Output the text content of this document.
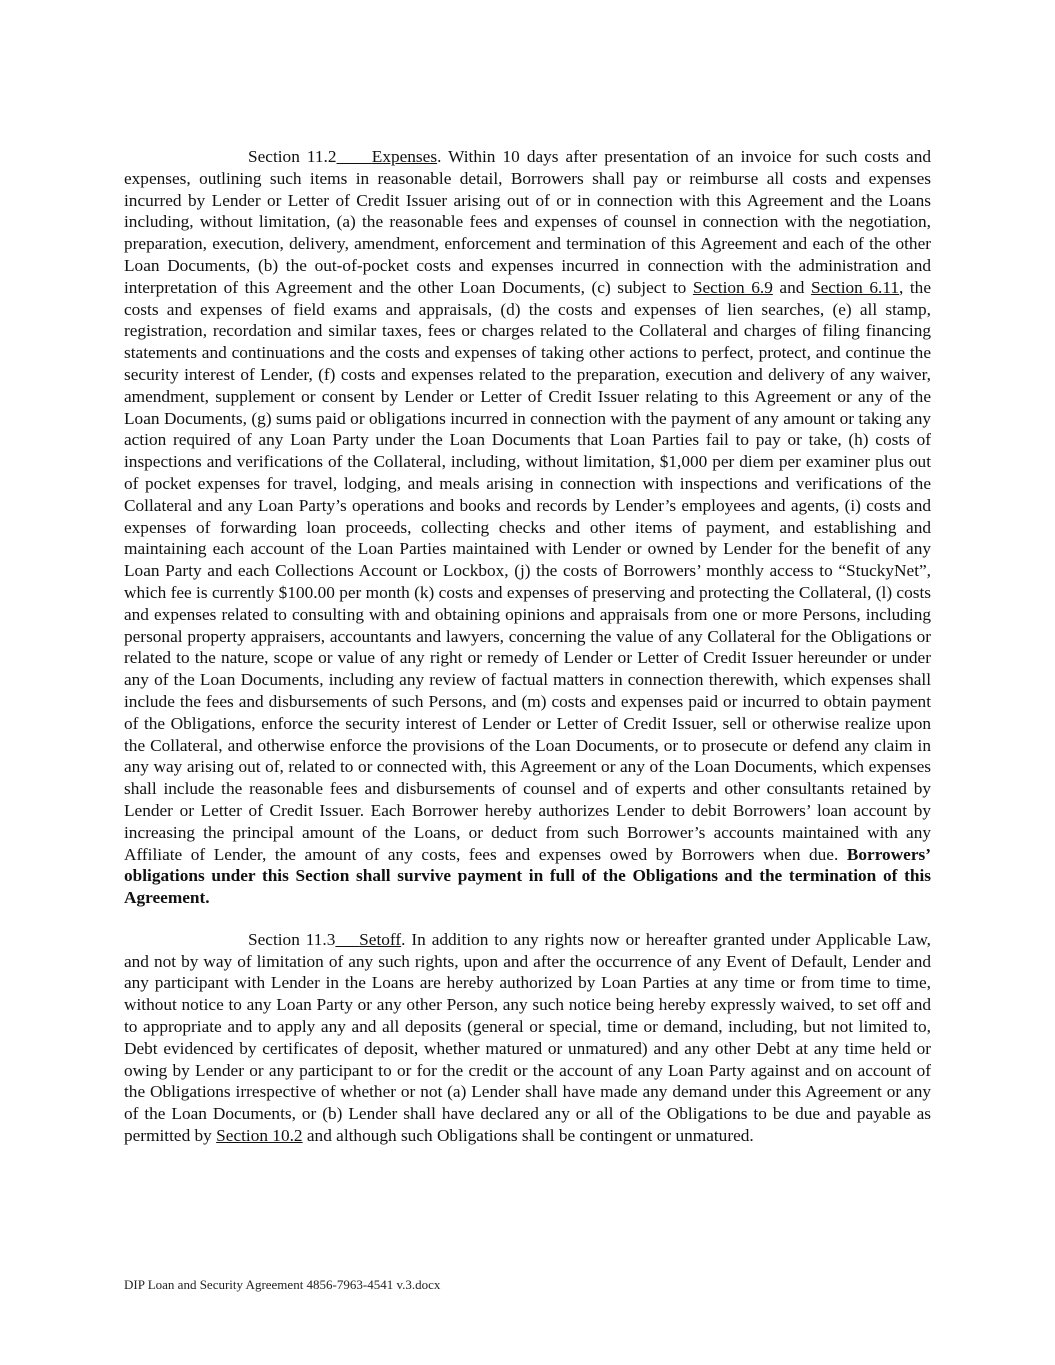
Section 11.2 Expenses. Within 10 days after presentation of an invoice for such costs and expenses, outlining such items in reasonable detail, Borrowers shall pay or reimburse all costs and expenses incurred by Lender or Letter of Credit Issuer arising out of or in connection with this Agreement and the Loans including, without limitation, (a) the reasonable fees and expenses of counsel in connection with the negotiation, preparation, execution, delivery, amendment, enforcement and termination of this Agreement and each of the other Loan Documents, (b) the out-of-pocket costs and expenses incurred in connection with the administration and interpretation of this Agreement and the other Loan Documents, (c) subject to Section 6.9 and Section 6.11, the costs and expenses of field exams and appraisals, (d) the costs and expenses of lien searches, (e) all stamp, registration, recordation and similar taxes, fees or charges related to the Collateral and charges of filing financing statements and continuations and the costs and expenses of taking other actions to perfect, protect, and continue the security interest of Lender, (f) costs and expenses related to the preparation, execution and delivery of any waiver, amendment, supplement or consent by Lender or Letter of Credit Issuer relating to this Agreement or any of the Loan Documents, (g) sums paid or obligations incurred in connection with the payment of any amount or taking any action required of any Loan Party under the Loan Documents that Loan Parties fail to pay or take, (h) costs of inspections and verifications of the Collateral, including, without limitation, $1,000 per diem per examiner plus out of pocket expenses for travel, lodging, and meals arising in connection with inspections and verifications of the Collateral and any Loan Party’s operations and books and records by Lender’s employees and agents, (i) costs and expenses of forwarding loan proceeds, collecting checks and other items of payment, and establishing and maintaining each account of the Loan Parties maintained with Lender or owned by Lender for the benefit of any Loan Party and each Collections Account or Lockbox, (j) the costs of Borrowers’ monthly access to “StuckyNet”, which fee is currently $100.00 per month (k) costs and expenses of preserving and protecting the Collateral, (l) costs and expenses related to consulting with and obtaining opinions and appraisals from one or more Persons, including personal property appraisers, accountants and lawyers, concerning the value of any Collateral for the Obligations or related to the nature, scope or value of any right or remedy of Lender or Letter of Credit Issuer hereunder or under any of the Loan Documents, including any review of factual matters in connection therewith, which expenses shall include the fees and disbursements of such Persons, and (m) costs and expenses paid or incurred to obtain payment of the Obligations, enforce the security interest of Lender or Letter of Credit Issuer, sell or otherwise realize upon the Collateral, and otherwise enforce the provisions of the Loan Documents, or to prosecute or defend any claim in any way arising out of, related to or connected with, this Agreement or any of the Loan Documents, which expenses shall include the reasonable fees and disbursements of counsel and of experts and other consultants retained by Lender or Letter of Credit Issuer. Each Borrower hereby authorizes Lender to debit Borrowers’ loan account by increasing the principal amount of the Loans, or deduct from such Borrower’s accounts maintained with any Affiliate of Lender, the amount of any costs, fees and expenses owed by Borrowers when due. Borrowers’ obligations under this Section shall survive payment in full of the Obligations and the termination of this Agreement.

Section 11.3 Setoff. In addition to any rights now or hereafter granted under Applicable Law, and not by way of limitation of any such rights, upon and after the occurrence of any Event of Default, Lender and any participant with Lender in the Loans are hereby authorized by Loan Parties at any time or from time to time, without notice to any Loan Party or any other Person, any such notice being hereby expressly waived, to set off and to appropriate and to apply any and all deposits (general or special, time or demand, including, but not limited to, Debt evidenced by certificates of deposit, whether matured or unmatured) and any other Debt at any time held or owing by Lender or any participant to or for the credit or the account of any Loan Party against and on account of the Obligations irrespective of whether or not (a) Lender shall have made any demand under this Agreement or any of the Loan Documents, or (b) Lender shall have declared any or all of the Obligations to be due and payable as permitted by Section 10.2 and although such Obligations shall be contingent or unmatured.

DIP Loan and Security Agreement 4856-7963-4541 v.3.docx
